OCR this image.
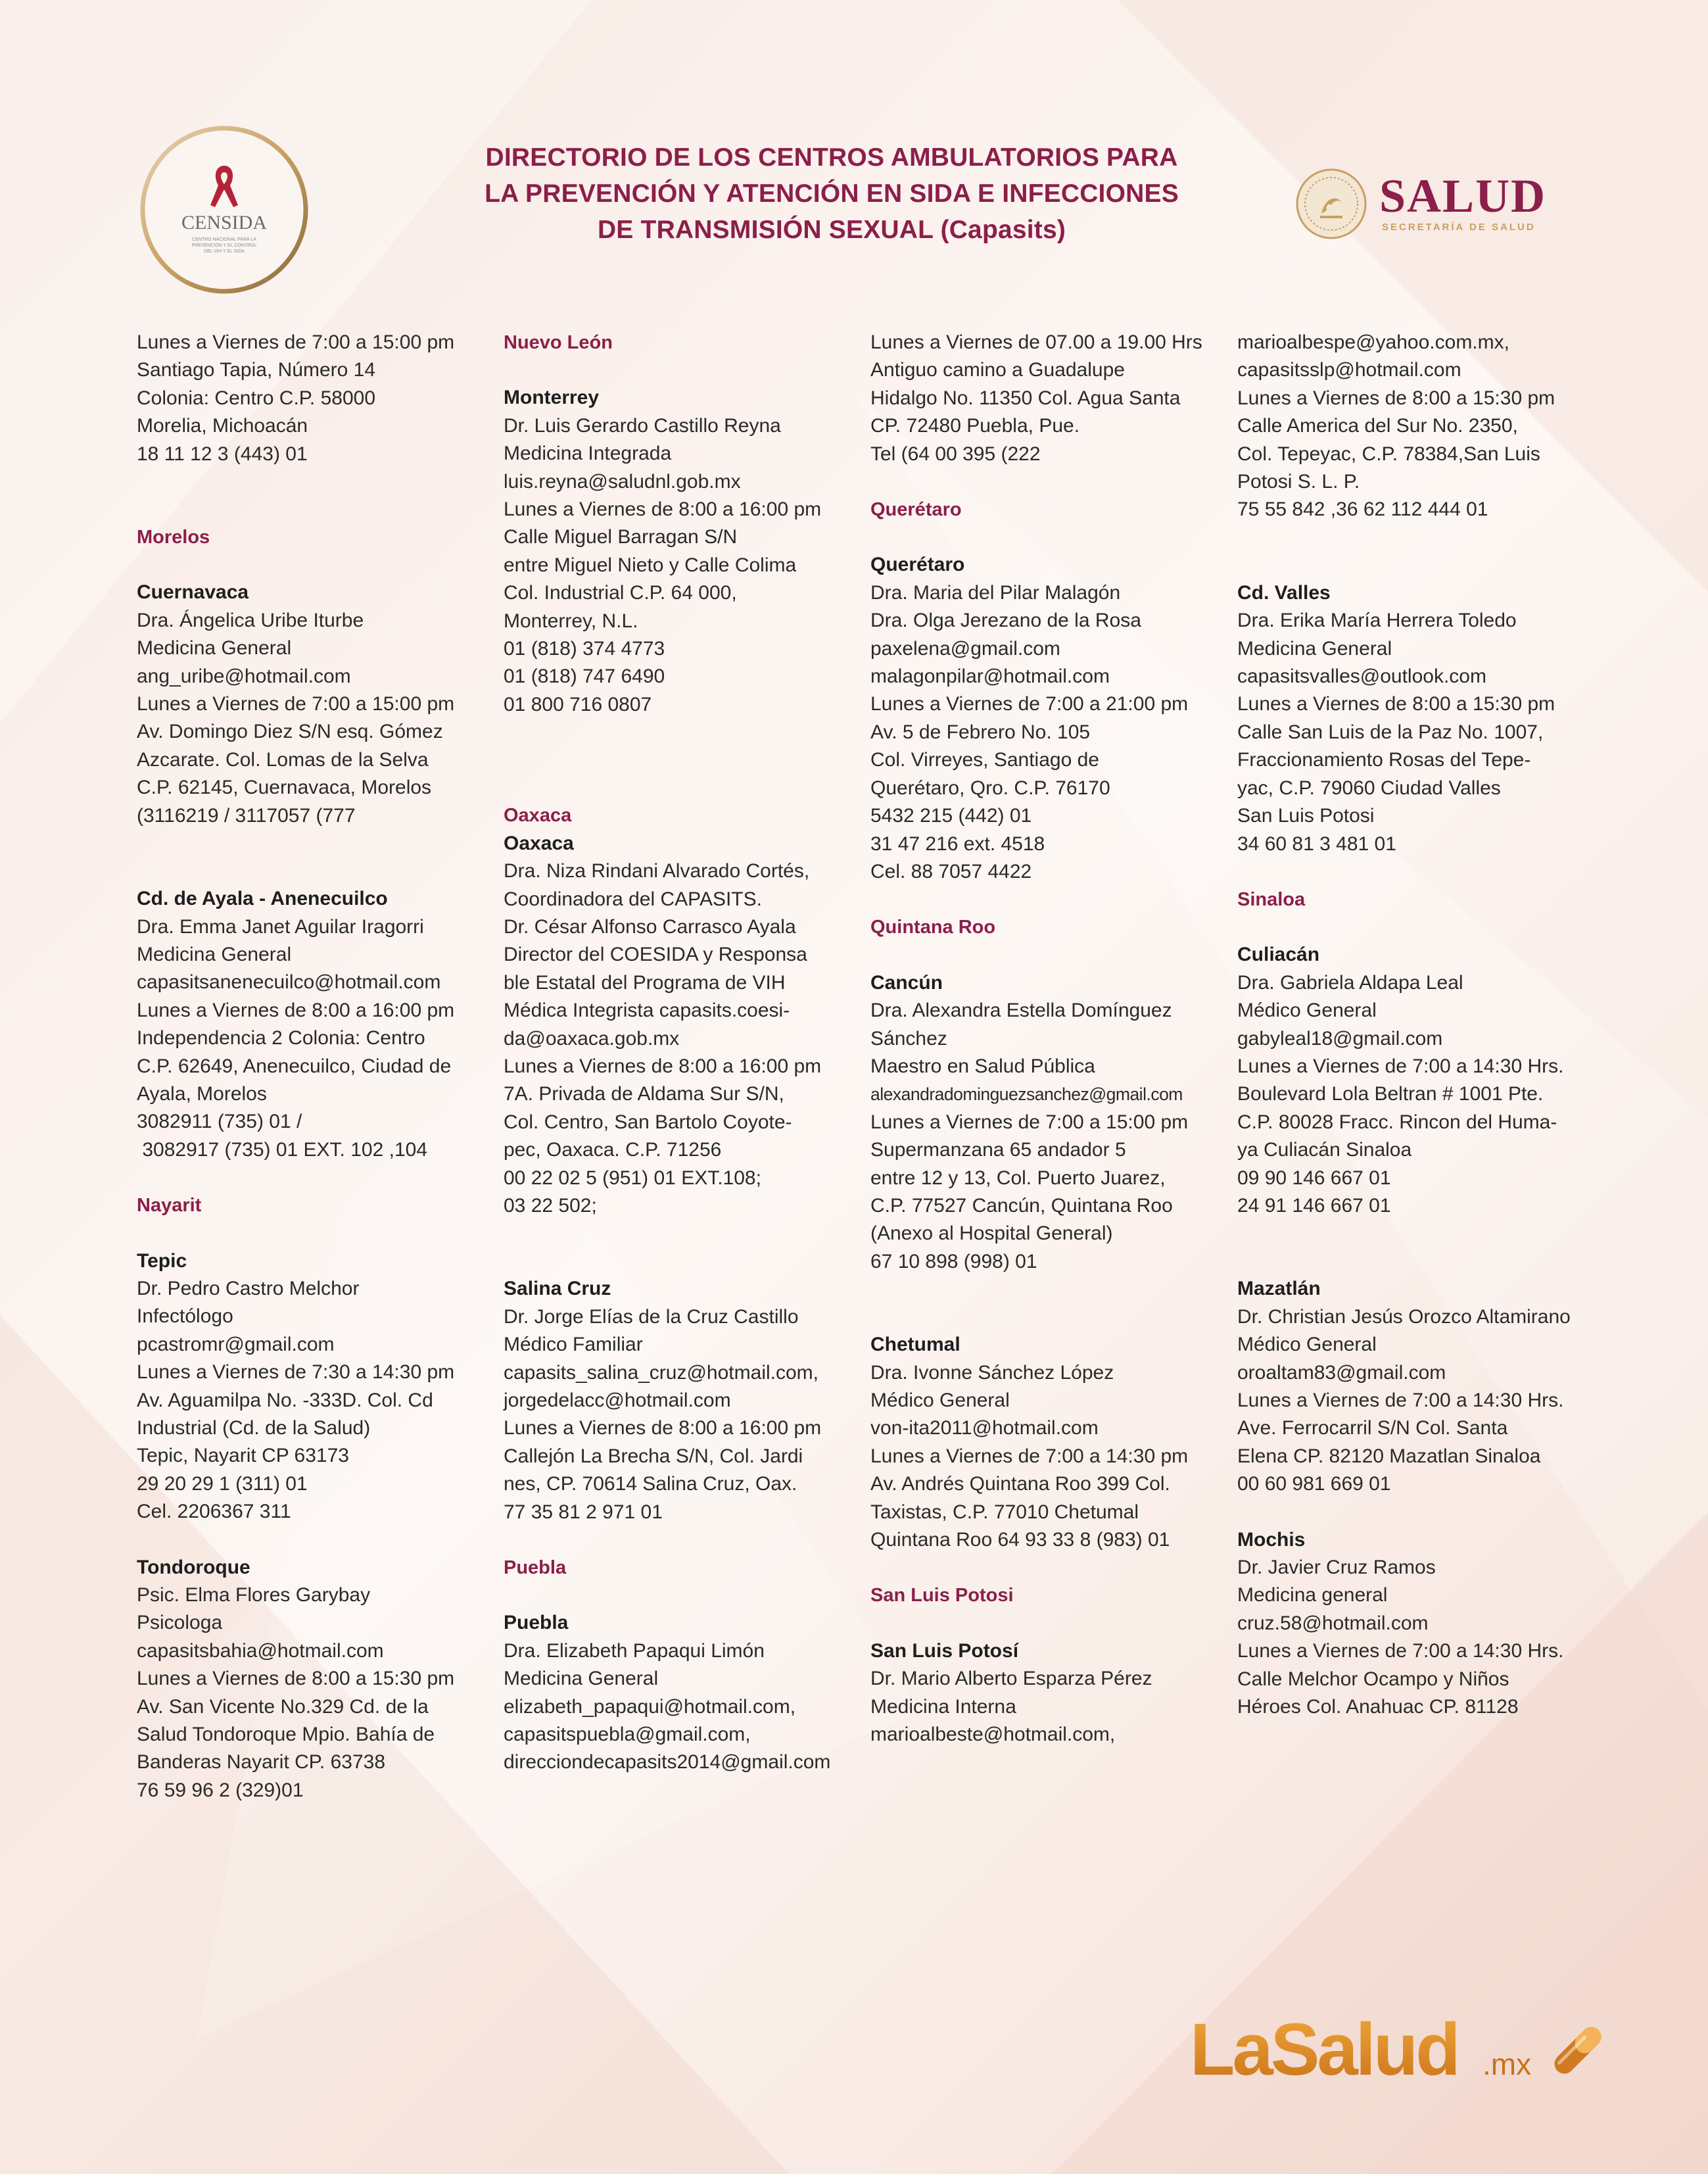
CENSIDA
CENTRO NACIONAL PARA LA
PREVENCIÓN Y EL CONTROL
DEL VIH Y EL SIDA
DIRECTORIO DE LOS CENTROS AMBULATORIOS PARA
LA PREVENCIÓN Y ATENCIÓN EN SIDA E INFECCIONES
DE TRANSMISIÓN SEXUAL (Capasits)
SALUD
SECRETARÍA DE SALUD
Lunes a Viernes de 7:00 a 15:00 pm
Santiago Tapia, Número 14
Colonia: Centro C.P. 58000
Morelia, Michoacán
18 11 12 3 (443) 01
Morelos
Cuernavaca
Dra. Ángelica Uribe Iturbe
Medicina General
ang_uribe@hotmail.com
Lunes a Viernes de 7:00 a 15:00 pm
Av. Domingo Diez S/N esq. Gómez
Azcarate. Col. Lomas de la Selva
C.P. 62145, Cuernavaca, Morelos
(3116219 / 3117057 (777
Cd. de Ayala - Anenecuilco
Dra. Emma Janet Aguilar Iragorri
Medicina General
capasitsanenecuilco@hotmail.com
Lunes a Viernes de 8:00 a 16:00 pm
Independencia 2 Colonia: Centro
C.P. 62649, Anenecuilco, Ciudad de
Ayala, Morelos
3082911 (735) 01 /
3082917 (735) 01 EXT. 102 ,104
Nayarit
Tepic
Dr. Pedro Castro Melchor
Infectólogo
pcastromr@gmail.com
Lunes a Viernes de 7:30 a 14:30 pm
Av. Aguamilpa No. -333D. Col. Cd
Industrial (Cd. de la Salud)
Tepic, Nayarit CP 63173
29 20 29 1 (311) 01
Cel. 2206367 311
Tondoroque
Psic. Elma Flores Garybay
Psicologa
capasitsbahia@hotmail.com
Lunes a Viernes de 8:00 a 15:30 pm
Av. San Vicente No.329 Cd. de la
Salud Tondoroque Mpio. Bahía de
Banderas Nayarit CP. 63738
76 59 96 2 (329)01
Nuevo León
Monterrey
Dr. Luis Gerardo Castillo Reyna
Medicina Integrada
luis.reyna@saludnl.gob.mx
Lunes a Viernes de 8:00 a 16:00 pm
Calle Miguel Barragan S/N
entre Miguel Nieto y Calle Colima
Col. Industrial C.P. 64 000,
Monterrey, N.L.
01 (818) 374 4773
01 (818) 747 6490
01 800 716 0807
Oaxaca
Oaxaca
Dra. Niza Rindani Alvarado Cortés,
Coordinadora del CAPASITS.
Dr. César Alfonso Carrasco Ayala
Director del COESIDA y Responsa
ble Estatal del Programa de VIH
Médica Integrista capasits.coesi-
da@oaxaca.gob.mx
Lunes a Viernes de 8:00 a 16:00 pm
7A. Privada de Aldama Sur S/N,
Col. Centro, San Bartolo Coyote-
pec, Oaxaca. C.P. 71256
00 22 02 5 (951) 01 EXT.108;
03 22 502;
Salina Cruz
Dr. Jorge Elías de la Cruz Castillo
Médico Familiar
capasits_salina_cruz@hotmail.com,
jorgedelacc@hotmail.com
Lunes a Viernes de 8:00 a 16:00 pm
Callejón La Brecha S/N, Col. Jardi
nes, CP. 70614 Salina Cruz, Oax.
77 35 81 2 971 01
Puebla
Puebla
Dra. Elizabeth Papaqui Limón
Medicina General
elizabeth_papaqui@hotmail.com,
capasitspuebla@gmail.com,
direcciondecapasits2014@gmail.com
Lunes a Viernes de 07.00 a 19.00 Hrs
Antiguo camino a Guadalupe
Hidalgo No. 11350 Col. Agua Santa
CP. 72480 Puebla, Pue.
Tel (64 00 395 (222
Querétaro
Querétaro
Dra. Maria del Pilar Malagón
Dra. Olga Jerezano de la Rosa
paxelena@gmail.com
malagonpilar@hotmail.com
Lunes a Viernes de 7:00 a 21:00 pm
Av. 5 de Febrero No. 105
Col. Virreyes, Santiago de
Querétaro, Qro. C.P. 76170
5432 215 (442) 01
31 47 216 ext. 4518
Cel. 88 7057 4422
Quintana Roo
Cancún
Dra. Alexandra Estella Domínguez
Sánchez
Maestro en Salud Pública
alexandradominguezsanchez@gmail.com
Lunes a Viernes de 7:00 a 15:00 pm
Supermanzana 65 andador 5
entre 12 y 13, Col. Puerto Juarez,
C.P. 77527 Cancún, Quintana Roo
(Anexo al Hospital General)
67 10 898 (998) 01
Chetumal
Dra. Ivonne Sánchez López
Médico General
von-ita2011@hotmail.com
Lunes a Viernes de 7:00 a 14:30 pm
Av. Andrés Quintana Roo 399 Col.
Taxistas, C.P. 77010 Chetumal
Quintana Roo 64 93 33 8 (983) 01
San Luis Potosi
San Luis Potosí
Dr. Mario Alberto Esparza Pérez
Medicina Interna
marioalbeste@hotmail.com,
marioalbespe@yahoo.com.mx,
capasitsslp@hotmail.com
Lunes a Viernes de 8:00 a 15:30 pm
Calle America del Sur No. 2350,
Col. Tepeyac, C.P. 78384,San Luis
Potosi S. L. P.
75 55 842 ,36 62 112 444 01
Cd. Valles
Dra. Erika María Herrera Toledo
Medicina General
capasitsvalles@outlook.com
Lunes a Viernes de 8:00 a 15:30 pm
Calle San Luis de la Paz No. 1007,
Fraccionamiento Rosas del Tepe-
yac, C.P. 79060 Ciudad Valles
San Luis Potosi
34 60 81 3 481 01
Sinaloa
Culiacán
Dra. Gabriela Aldapa Leal
Médico General
gabyleal18@gmail.com
Lunes a Viernes de 7:00 a 14:30 Hrs.
Boulevard Lola Beltran # 1001 Pte.
C.P. 80028 Fracc. Rincon del Huma-
ya Culiacán Sinaloa
09 90 146 667 01
24 91 146 667 01
Mazatlán
Dr. Christian Jesús Orozco Altamirano
Médico General
oroaltam83@gmail.com
Lunes a Viernes de 7:00 a 14:30 Hrs.
Ave. Ferrocarril S/N Col. Santa
Elena CP. 82120 Mazatlan Sinaloa
00 60 981 669 01
Mochis
Dr. Javier Cruz Ramos
Medicina general
cruz.58@hotmail.com
Lunes a Viernes de 7:00 a 14:30 Hrs.
Calle Melchor Ocampo y Niños
Héroes Col. Anahuac CP. 81128
LaSalud .mx
